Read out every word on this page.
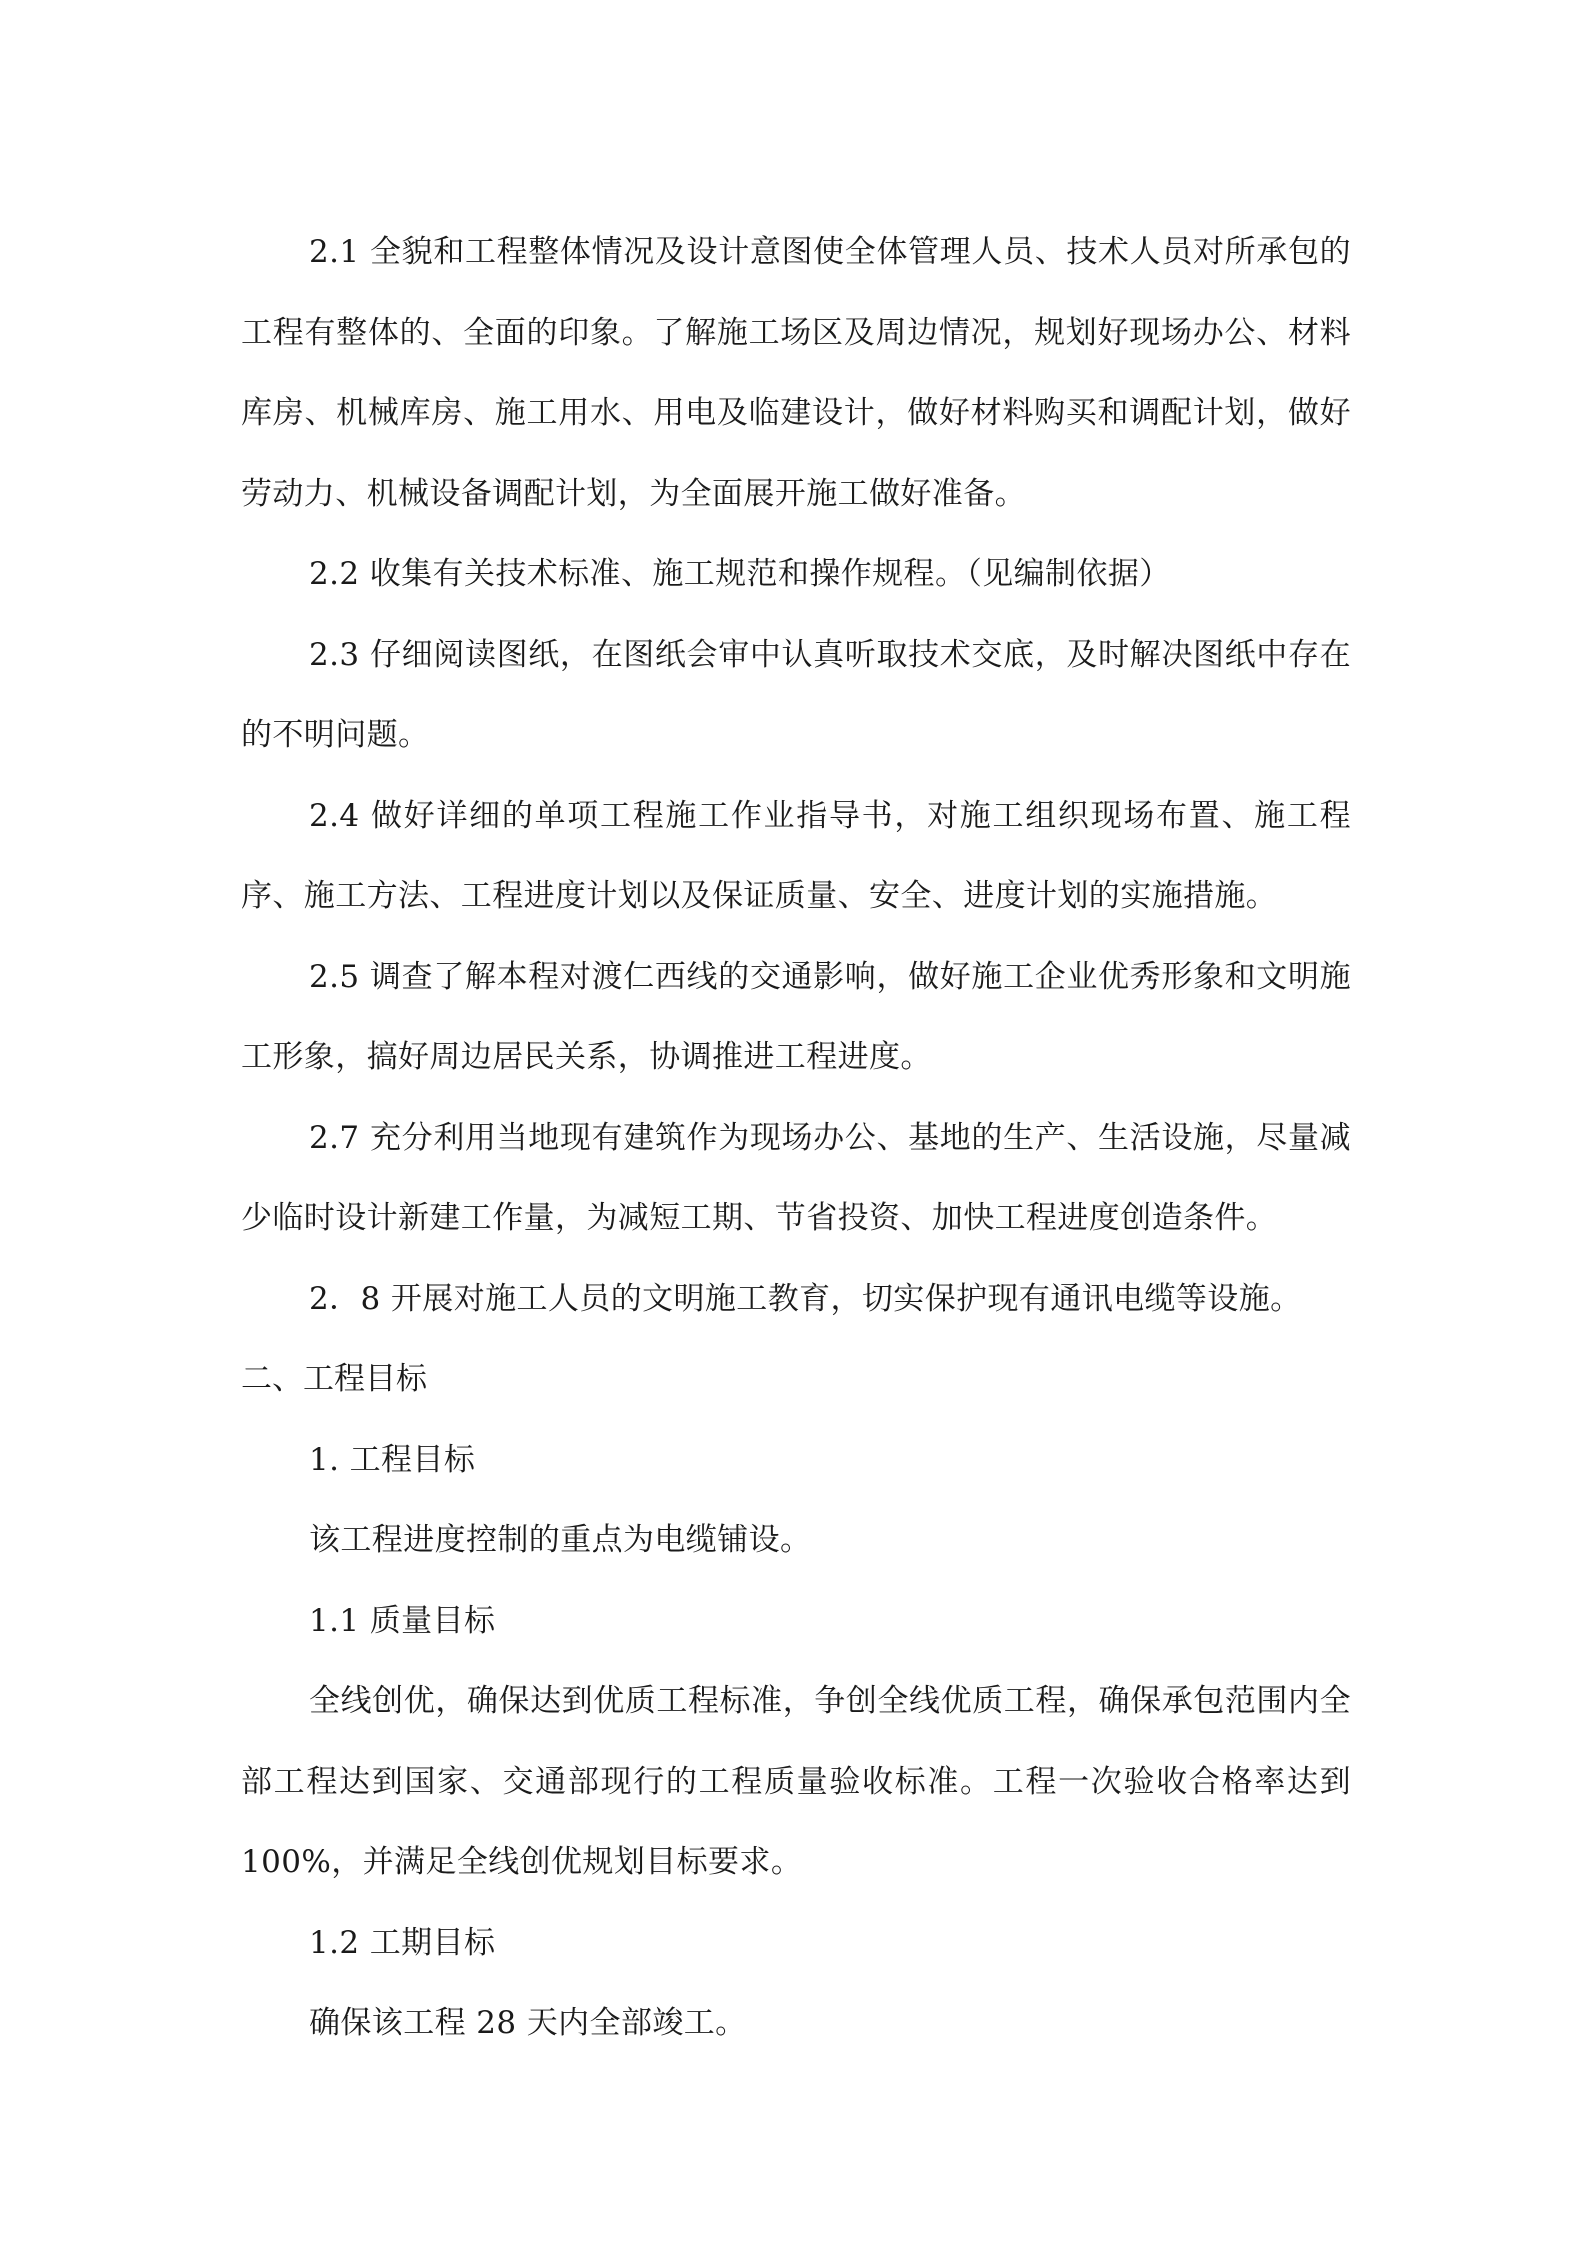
2.1 全貌和工程整体情况及设计意图使全体管理人员、技术人员对所承包的工程有整体的、全面的印象。了解施工场区及周边情况，规划好现场办公、材料库房、机械库房、施工用水、用电及临建设计，做好材料购买和调配计划，做好劳动力、机械设备调配计划，为全面展开施工做好准备。

2.2 收集有关技术标准、施工规范和操作规程。（见编制依据）

2.3 仔细阅读图纸，在图纸会审中认真听取技术交底，及时解决图纸中存在的不明问题。

2.4 做好详细的单项工程施工作业指导书，对施工组织现场布置、施工程序、施工方法、工程进度计划以及保证质量、安全、进度计划的实施措施。

2.5 调查了解本程对渡仁西线的交通影响，做好施工企业优秀形象和文明施工形象，搞好周边居民关系，协调推进工程进度。

2.7 充分利用当地现有建筑作为现场办公、基地的生产、生活设施，尽量减少临时设计新建工作量，为减短工期、节省投资、加快工程进度创造条件。

2．8 开展对施工人员的文明施工教育，切实保护现有通讯电缆等设施。

二、工程目标

1. 工程目标

该工程进度控制的重点为电缆铺设。

1.1 质量目标

全线创优，确保达到优质工程标准，争创全线优质工程，确保承包范围内全部工程达到国家、交通部现行的工程质量验收标准。工程一次验收合格率达到100%，并满足全线创优规划目标要求。

1.2 工期目标

确保该工程 28 天内全部竣工。
